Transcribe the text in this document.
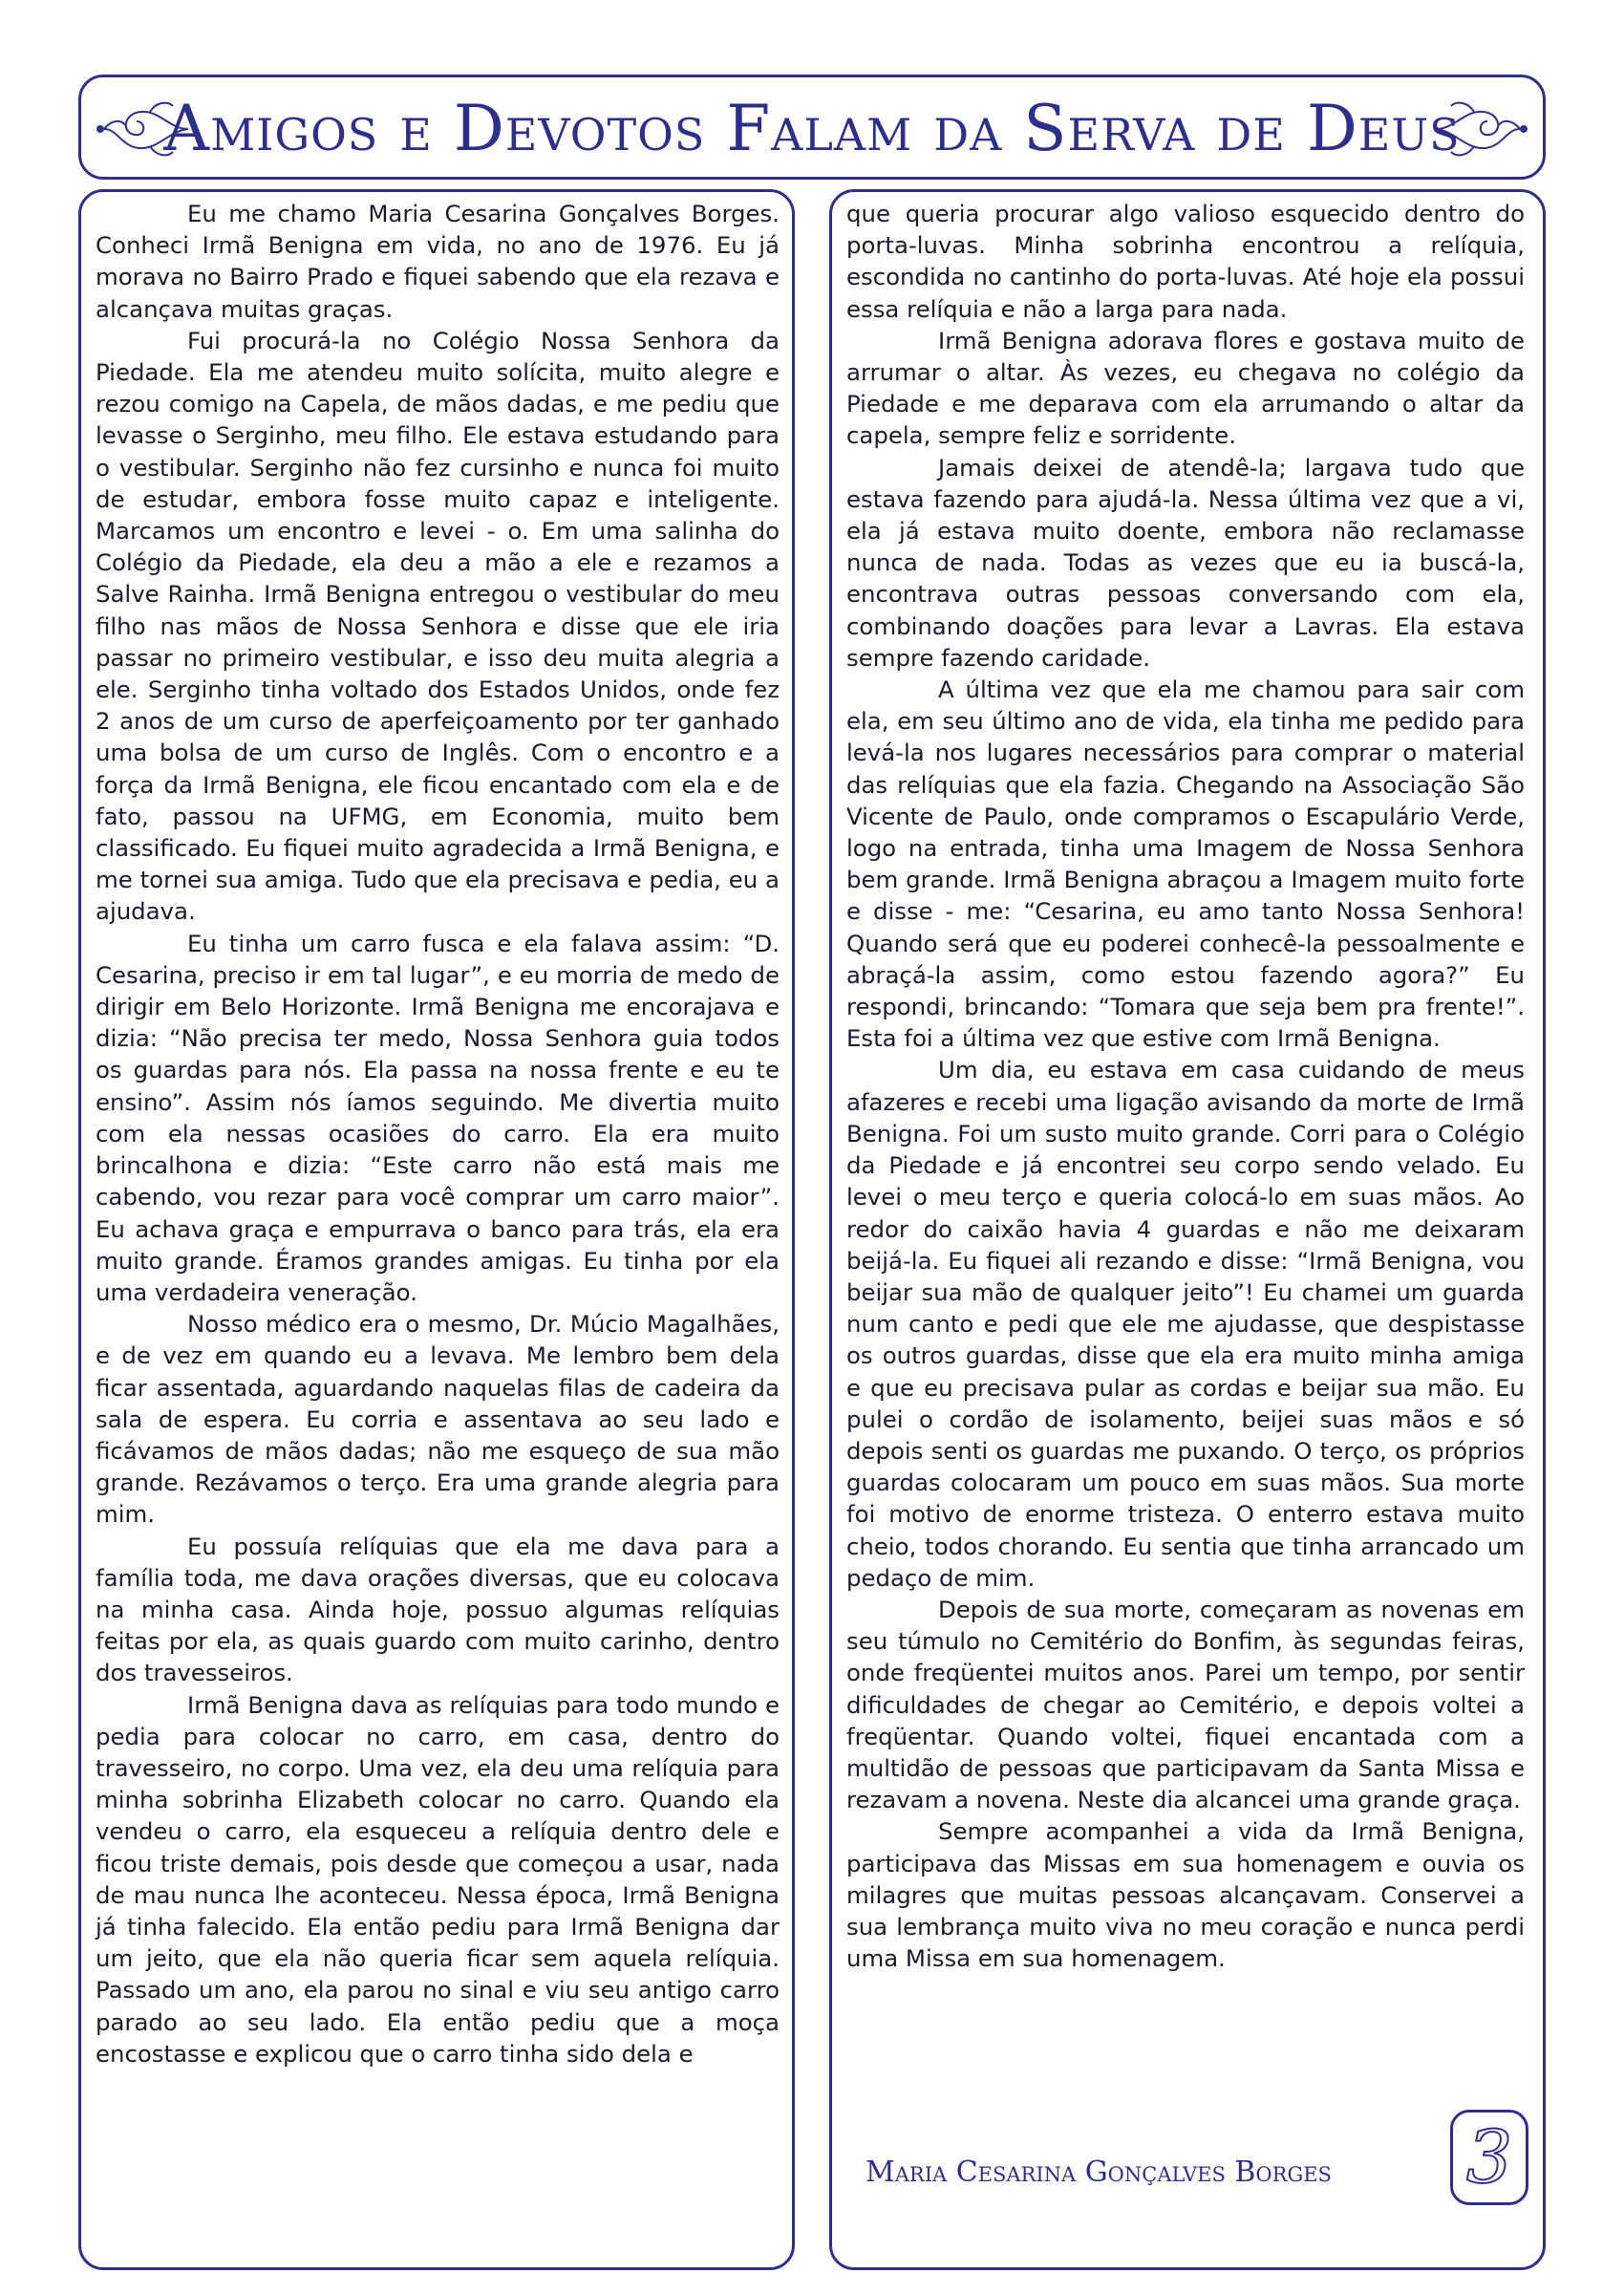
Amigos e Devotos Falam da Serva de Deus

Eu me chamo Maria Cesarina Gonçalves Borges. Conheci Irmã Benigna em vida, no ano de 1976. Eu já morava no Bairro Prado e fiquei sabendo que ela rezava e alcançava muitas graças.

Fui procurá-la no Colégio Nossa Senhora da Piedade. Ela me atendeu muito solícita, muito alegre e rezou comigo na Capela, de mãos dadas, e me pediu que levasse o Serginho, meu filho. Ele estava estudando para o vestibular. Serginho não fez cursinho e nunca foi muito de estudar, embora fosse muito capaz e inteligente. Marcamos um encontro e levei - o. Em uma salinha do Colégio da Piedade, ela deu a mão a ele e rezamos a Salve Rainha. Irmã Benigna entregou o vestibular do meu filho nas mãos de Nossa Senhora e disse que ele iria passar no primeiro vestibular, e isso deu muita alegria a ele. Serginho tinha voltado dos Estados Unidos, onde fez 2 anos de um curso de aperfeiçoamento por ter ganhado uma bolsa de um curso de Inglês. Com o encontro e a força da Irmã Benigna, ele ficou encantado com ela e de fato, passou na UFMG, em Economia, muito bem classificado. Eu fiquei muito agradecida a Irmã Benigna, e me tornei sua amiga. Tudo que ela precisava e pedia, eu a ajudava.

Eu tinha um carro fusca e ela falava assim: “D. Cesarina, preciso ir em tal lugar”, e eu morria de medo de dirigir em Belo Horizonte. Irmã Benigna me encorajava e dizia: “Não precisa ter medo, Nossa Senhora guia todos os guardas para nós. Ela passa na nossa frente e eu te ensino”. Assim nós íamos seguindo. Me divertia muito com ela nessas ocasiões do carro. Ela era muito brincalhona e dizia: “Este carro não está mais me cabendo, vou rezar para você comprar um carro maior”. Eu achava graça e empurrava o banco para trás, ela era muito grande. Éramos grandes amigas. Eu tinha por ela uma verdadeira veneração.

Nosso médico era o mesmo, Dr. Múcio Magalhães, e de vez em quando eu a levava. Me lembro bem dela ficar assentada, aguardando naquelas filas de cadeira da sala de espera. Eu corria e assentava ao seu lado e ficávamos de mãos dadas; não me esqueço de sua mão grande. Rezávamos o terço. Era uma grande alegria para mim.

Eu possuía relíquias que ela me dava para a família toda, me dava orações diversas, que eu colocava na minha casa. Ainda hoje, possuo algumas relíquias feitas por ela, as quais guardo com muito carinho, dentro dos travesseiros.

Irmã Benigna dava as relíquias para todo mundo e pedia para colocar no carro, em casa, dentro do travesseiro, no corpo. Uma vez, ela deu uma relíquia para minha sobrinha Elizabeth colocar no carro. Quando ela vendeu o carro, ela esqueceu a relíquia dentro dele e ficou triste demais, pois desde que começou a usar, nada de mau nunca lhe aconteceu. Nessa época, Irmã Benigna já tinha falecido. Ela então pediu para Irmã Benigna dar um jeito, que ela não queria ficar sem aquela relíquia. Passado um ano, ela parou no sinal e viu seu antigo carro parado ao seu lado. Ela então pediu que a moça encostasse e explicou que o carro tinha sido dela e

que queria procurar algo valioso esquecido dentro do porta-luvas. Minha sobrinha encontrou a relíquia, escondida no cantinho do porta-luvas. Até hoje ela possui essa relíquia e não a larga para nada.

Irmã Benigna adorava flores e gostava muito de arrumar o altar. Às vezes, eu chegava no colégio da Piedade e me deparava com ela arrumando o altar da capela, sempre feliz e sorridente.

Jamais deixei de atendê-la; largava tudo que estava fazendo para ajudá-la. Nessa última vez que a vi, ela já estava muito doente, embora não reclamasse nunca de nada. Todas as vezes que eu ia buscá-la, encontrava outras pessoas conversando com ela, combinando doações para levar a Lavras. Ela estava sempre fazendo caridade.

A última vez que ela me chamou para sair com ela, em seu último ano de vida, ela tinha me pedido para levá-la nos lugares necessários para comprar o material das relíquias que ela fazia. Chegando na Associação São Vicente de Paulo, onde compramos o Escapulário Verde, logo na entrada, tinha uma Imagem de Nossa Senhora bem grande. Irmã Benigna abraçou a Imagem muito forte e disse - me: “Cesarina, eu amo tanto Nossa Senhora! Quando será que eu poderei conhecê-la pessoalmente e abraçá-la assim, como estou fazendo agora?” Eu respondi, brincando: “Tomara que seja bem pra frente!”. Esta foi a última vez que estive com Irmã Benigna.

Um dia, eu estava em casa cuidando de meus afazeres e recebi uma ligação avisando da morte de Irmã Benigna. Foi um susto muito grande. Corri para o Colégio da Piedade e já encontrei seu corpo sendo velado. Eu levei o meu terço e queria colocá-lo em suas mãos. Ao redor do caixão havia 4 guardas e não me deixaram beijá-la. Eu fiquei ali rezando e disse: “Irmã Benigna, vou beijar sua mão de qualquer jeito”! Eu chamei um guarda num canto e pedi que ele me ajudasse, que despistasse os outros guardas, disse que ela era muito minha amiga e que eu precisava pular as cordas e beijar sua mão. Eu pulei o cordão de isolamento, beijei suas mãos e só depois senti os guardas me puxando. O terço, os próprios guardas colocaram um pouco em suas mãos. Sua morte foi motivo de enorme tristeza. O enterro estava muito cheio, todos chorando. Eu sentia que tinha arrancado um pedaço de mim.

Depois de sua morte, começaram as novenas em seu túmulo no Cemitério do Bonfim, às segundas feiras, onde freqüentei muitos anos. Parei um tempo, por sentir dificuldades de chegar ao Cemitério, e depois voltei a freqüentar. Quando voltei, fiquei encantada com a multidão de pessoas que participavam da Santa Missa e rezavam a novena. Neste dia alcancei uma grande graça.

Sempre acompanhei a vida da Irmã Benigna, participava das Missas em sua homenagem e ouvia os milagres que muitas pessoas alcançavam. Conservei a sua lembrança muito viva no meu coração e nunca perdi uma Missa em sua homenagem.

Maria Cesarina Gonçalves Borges	3
